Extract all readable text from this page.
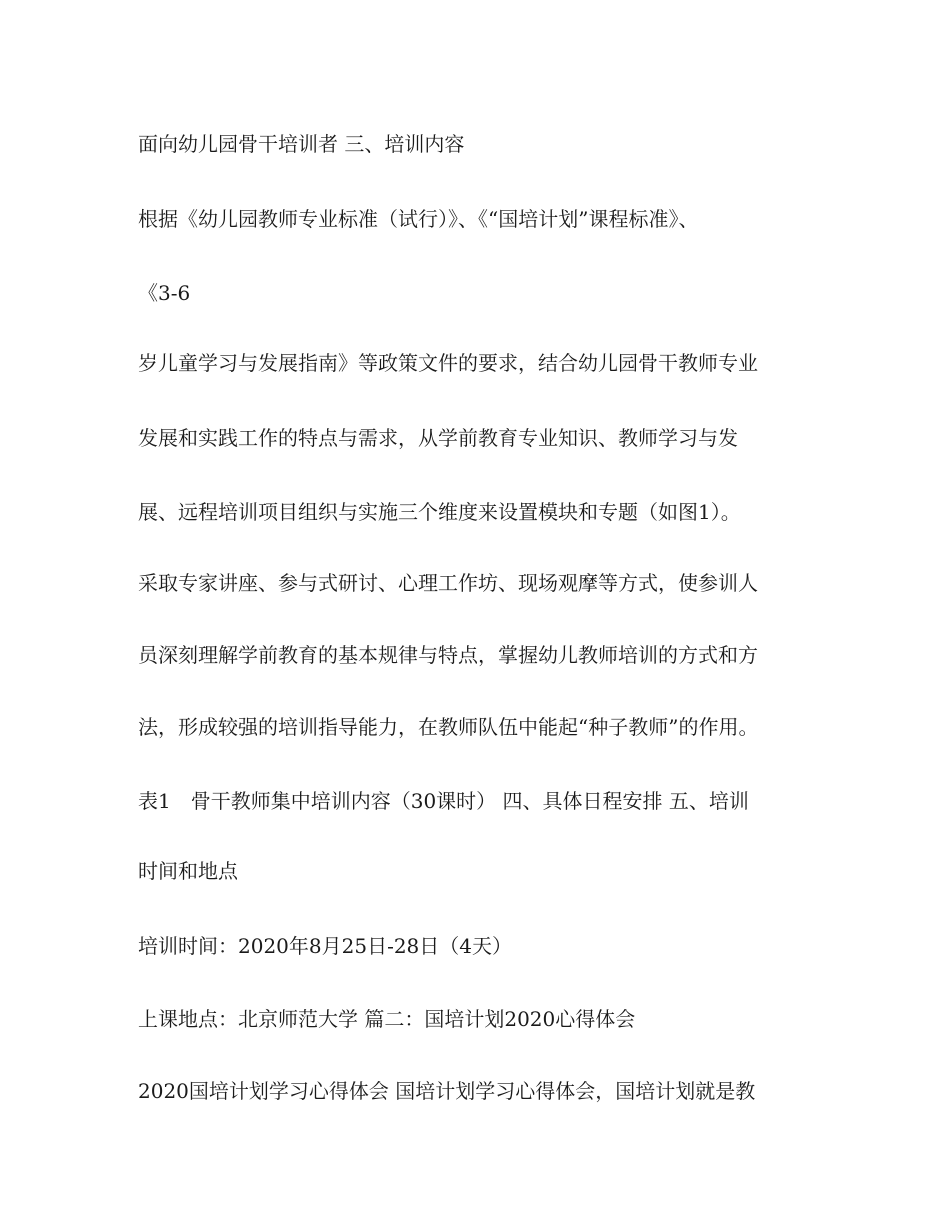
面向幼儿园骨干培训者 三、培训内容
根据《幼儿园教师专业标准（试行）》、《“国培计划”课程标准》、
《3-6
岁儿童学习与发展指南》等政策文件的要求，结合幼儿园骨干教师专业
发展和实践工作的特点与需求，从学前教育专业知识、教师学习与发
展、远程培训项目组织与实施三个维度来设置模块和专题（如图1）。
采取专家讲座、参与式研讨、心理工作坊、现场观摩等方式，使参训人
员深刻理解学前教育的基本规律与特点，掌握幼儿教师培训的方式和方
法，形成较强的培训指导能力，在教师队伍中能起“种子教师”的作用。
表1　骨干教师集中培训内容（30课时） 四、具体日程安排 五、培训
时间和地点
培训时间：2020年8月25日-28日（4天）
上课地点：北京师范大学 篇二：国培计划2020心得体会
2020国培计划学习心得体会 国培计划学习心得体会，国培计划就是教
